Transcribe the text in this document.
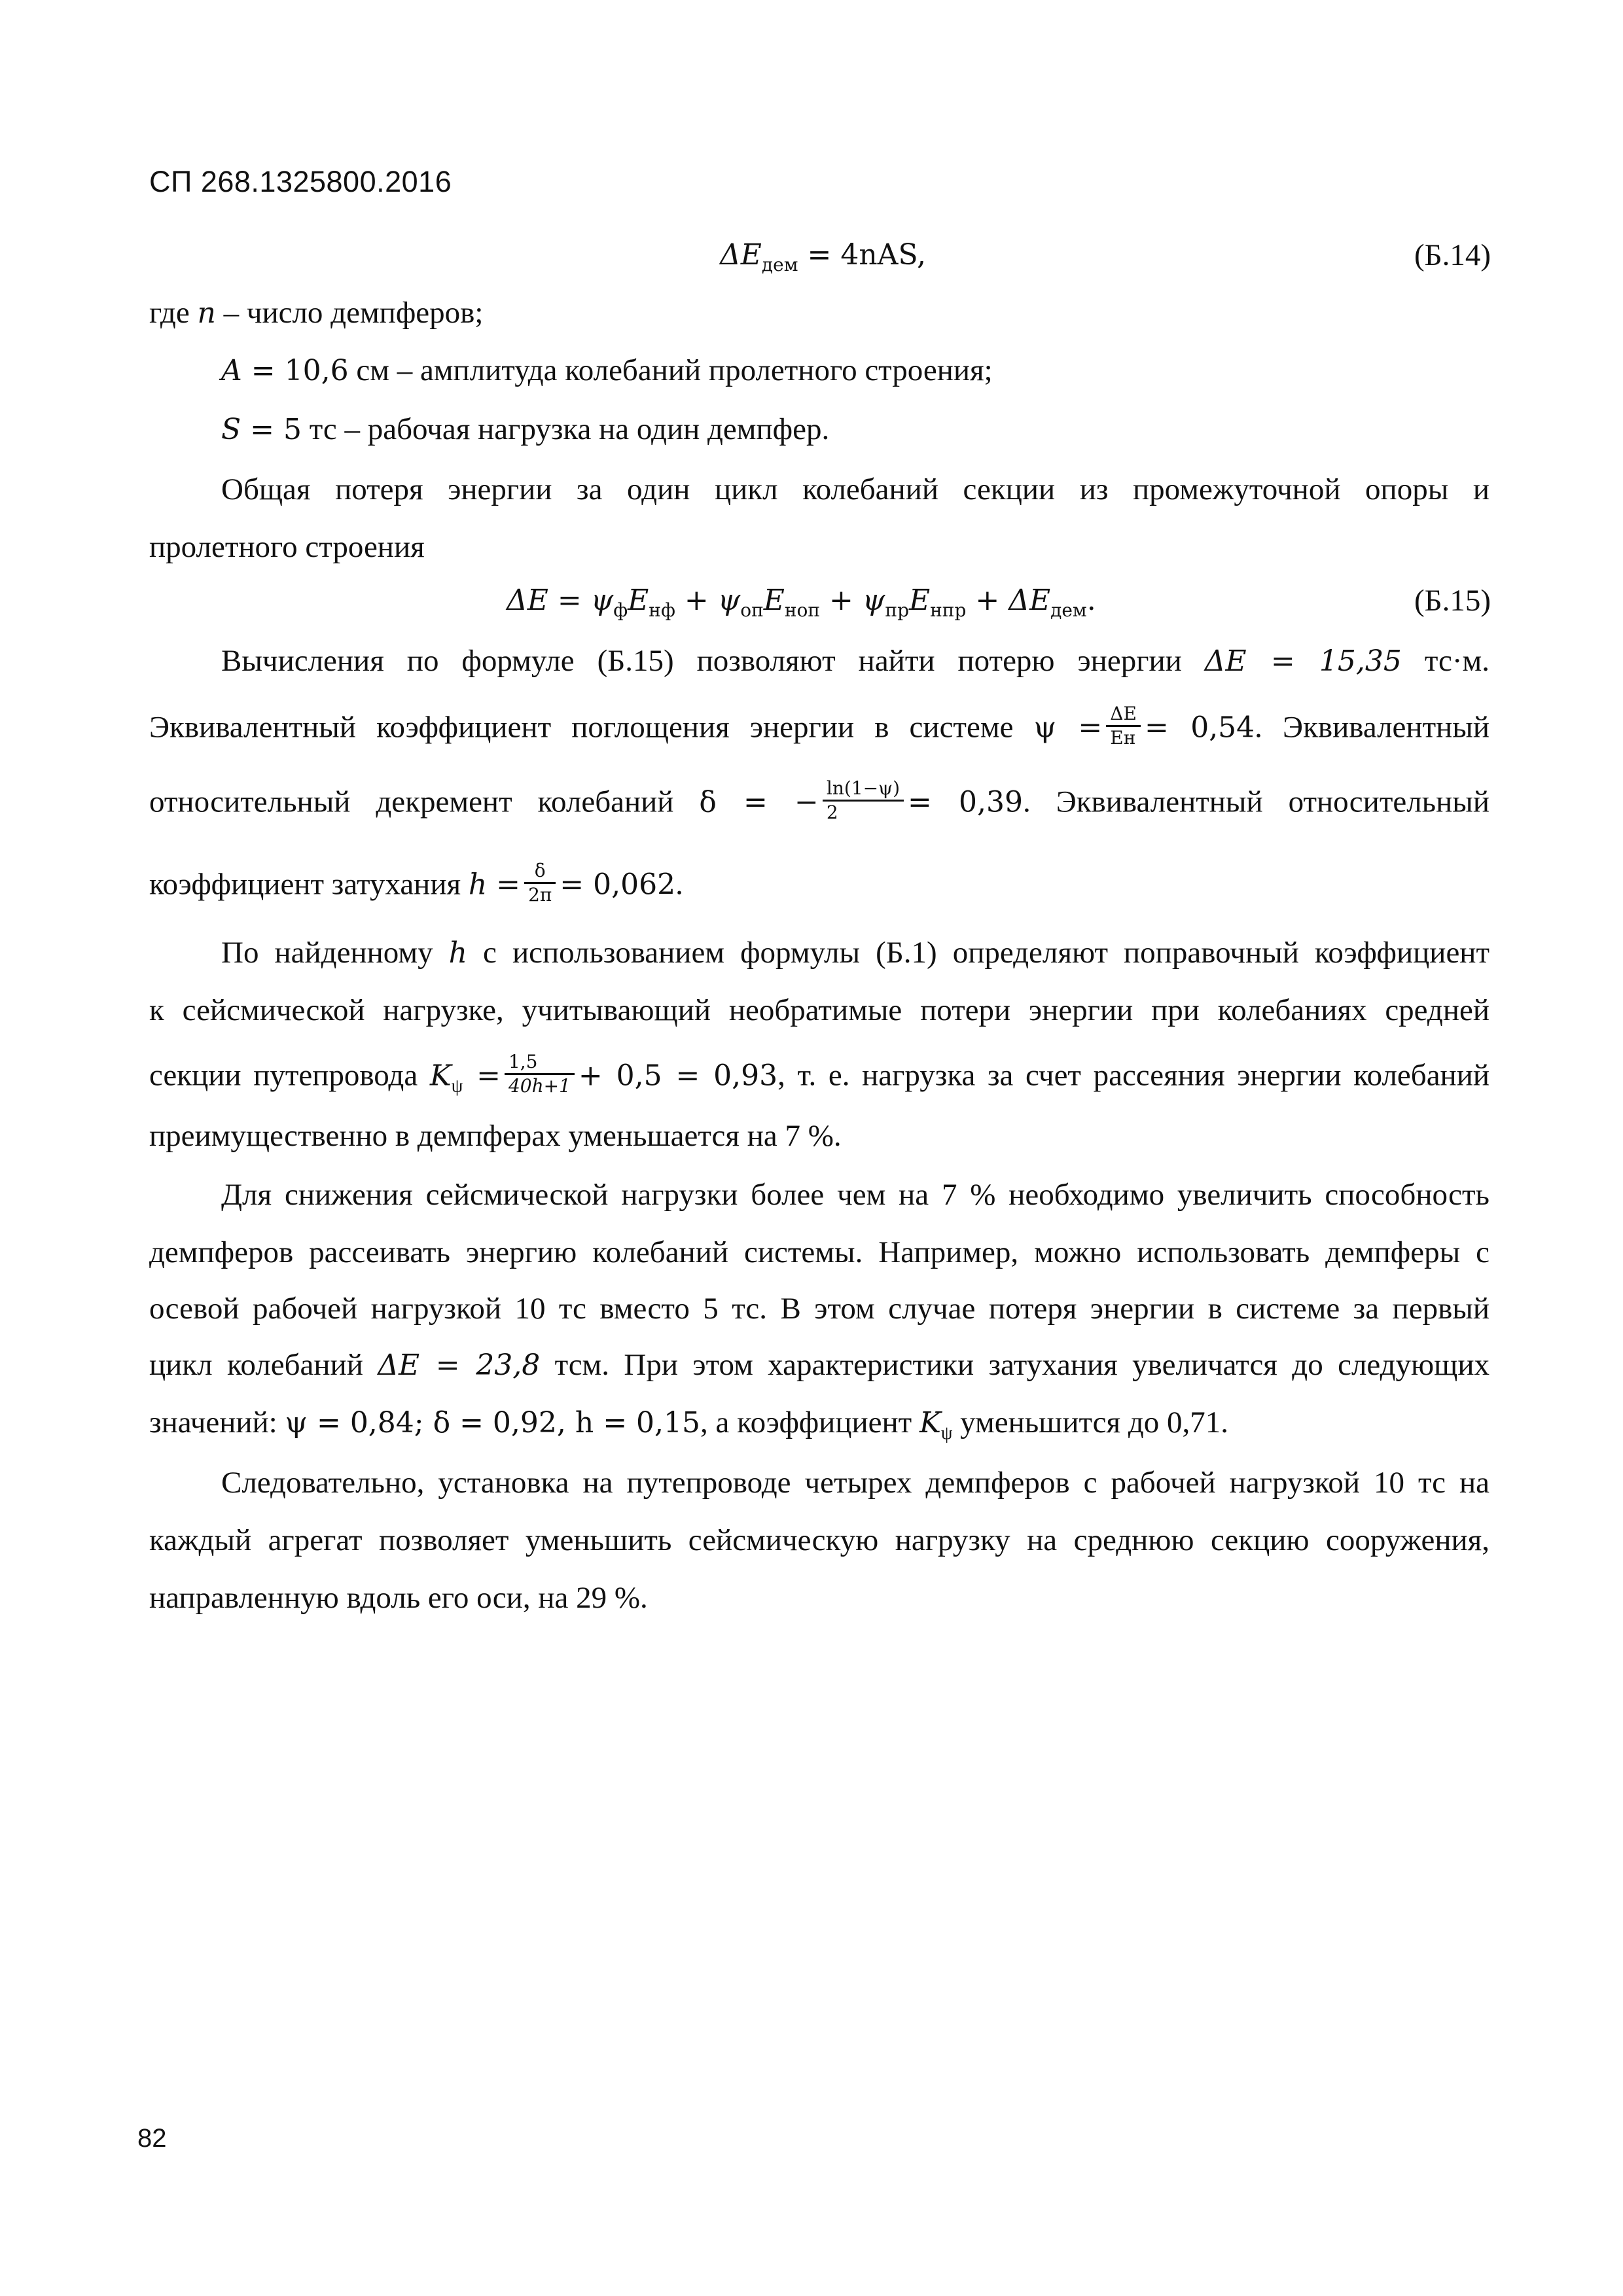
СП 268.1325800.2016
$\Delta E_{дем} = 4nAS$,	(Б.14)
где n – число демпферов;
A = 10,6 см – амплитуда колебаний пролетного строения;
S = 5 тс – рабочая нагрузка на один демпфер.
Общая потеря энергии за один цикл колебаний секции из промежуточной опоры и
пролетного строения
$\Delta E = \psi_фE_{нф} + \psi_{оп}E_{ноп} + \psi_{пр}E_{нпр} + \Delta E_{дем}$.	(Б.15)
Вычисления по формуле (Б.15) позволяют найти потерю энергии ΔE = 15,35 тс·м.
Эквивалентный коэффициент поглощения энергии в системе $\psi = \frac{\Delta E}{Eн} = 0,54$. Эквивалентный
относительный декремент колебаний δ = − $\frac{\ln(1-\psi)}{2} = 0,39$. Эквивалентный относительный
коэффициент затухания $h = \frac{\delta}{2\pi} = 0,062$.
По найденному h с использованием формулы (Б.1) определяют поправочный коэффициент
к сейсмической нагрузке, учитывающий необратимые потери энергии при колебаниях средней
секции путепровода $K_\psi = \frac{1,5}{40h+1} + 0,5 = 0,93$, т. е. нагрузка за счет рассеяния энергии колебаний
преимущественно в демпферах уменьшается на 7 %.
Для снижения сейсмической нагрузки более чем на 7 % необходимо увеличить способность
демпферов рассеивать энергию колебаний системы. Например, можно использовать демпферы с
осевой рабочей нагрузкой 10 тс вместо 5 тс. В этом случае потеря энергии в системе за первый
цикл колебаний ΔE = 23,8 тсм. При этом характеристики затухания увеличатся до следующих
значений: ψ = 0,84; δ = 0,92, h = 0,15, а коэффициент $K_\psi$ уменьшится до 0,71.
Следовательно, установка на путепроводе четырех демпферов с рабочей нагрузкой 10 тс на
каждый агрегат позволяет уменьшить сейсмическую нагрузку на среднюю секцию сооружения,
направленную вдоль его оси, на 29 %.
82
